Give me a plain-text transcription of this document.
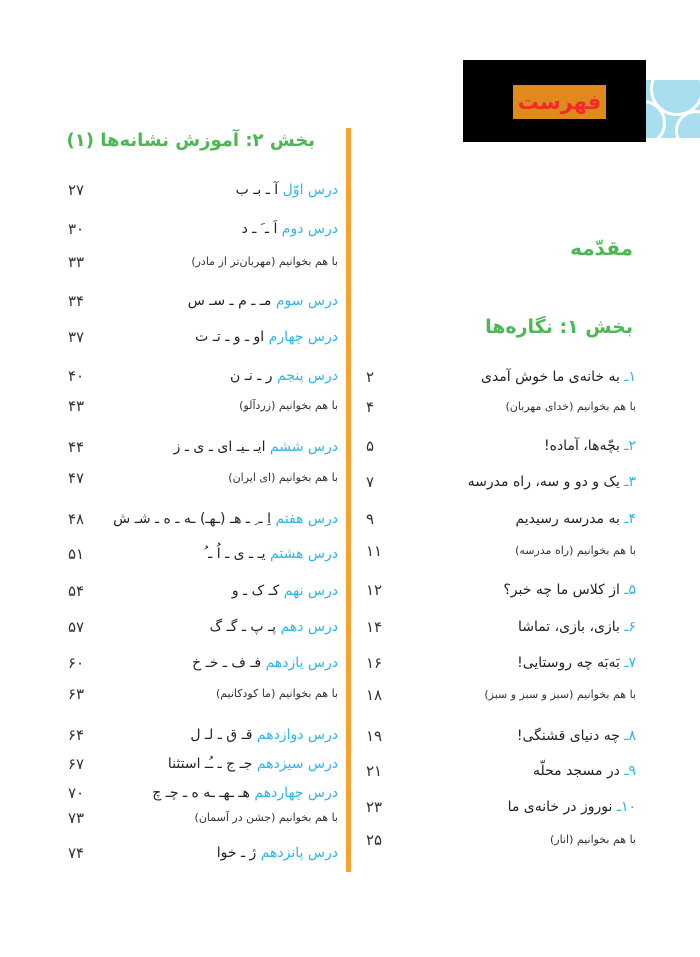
فهرست
مقدّمه
بخش ۱: نگاره‌ها
بخش ۲: آموزش نشانه‌ها (۱)
۱ـ به خانه‌ی ما خوش آمدی
۲
با هم بخوانیم (خدای مهربان)
۴
۲ـ بچّه‌ها، آماده!
۵
۳ـ یک و دو و سه، راه مدرسه
۷
۴ـ به مدرسه رسیدیم
۹
با هم بخوانیم (راه مدرسه)
۱۱
۵ـ از کلاس ما چه خبر؟
۱۲
۶ـ بازی، بازی، تماشا
۱۴
۷ـ بَه‌بَه چه روستایی!
۱۶
با هم بخوانیم (سبز و سبز و سبز)
۱۸
۸ـ چه دنیای قشنگی!
۱۹
۹ـ در مسجد محلّه
۲۱
۱۰ـ نوروز در خانه‌ی ما
۲۳
با هم بخوانیم (انار)
۲۵
درس اوّل آ ـ بـ ب
۲۷
درس دوم اَ ـ َ ـ د
۳۰
با هم بخوانیم (مهربان‌تر از مادر)
۳۳
درس سوم مـ ـ م ـ سـ س
۳۴
درس چهارم او ـ و ـ تـ ت
۳۷
درس پنجم ر ـ نـ ن
۴۰
با هم بخوانیم (زردآلو)
۴۳
درس ششم ایـ ـیـ ای ـ ی ـ ز
۴۴
با هم بخوانیم (ای ایران)
۴۷
درس هفتم اِ ـ ِ ـ هـ (ـهـ) ـه ـ ه ـ شـ ش
۴۸
درس هشتم یـ ـ ی ـ اُ ـ ُ
۵۱
درس نهم کـ ک ـ و
۵۴
درس دهم پـ پ ـ گـ گ
۵۷
درس یازدهم فـ ف ـ خـ خ
۶۰
با هم بخوانیم (ما کودکانیم)
۶۳
درس دوازدهم قـ ق ـ لـ ل
۶۴
درس سیزدهم جـ ج ـ ـُـ استثنا
۶۷
درس چهاردهم هـ ـهـ ـه ه ـ چـ چ
۷۰
با هم بخوانیم (جشن در آسمان)
۷۳
درس پانزدهم ژ ـ خوا
۷۴
